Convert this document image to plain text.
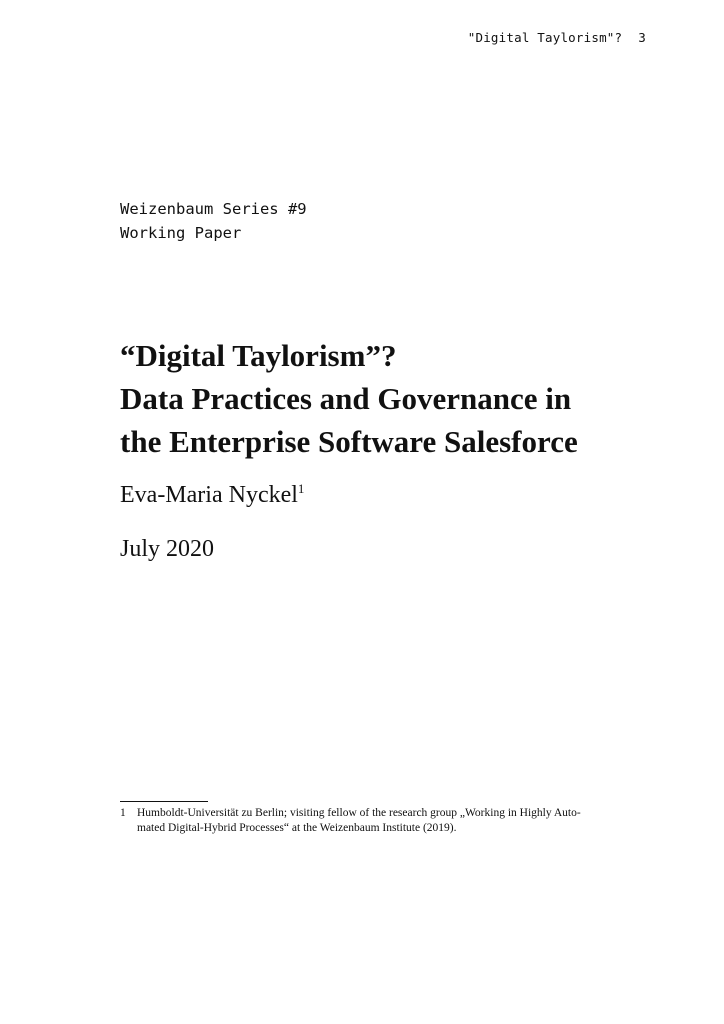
"Digital Taylorism"? 3
Weizenbaum Series #9
Working Paper
“Digital Taylorism”?
Data Practices and Governance in
the Enterprise Software Salesforce
Eva-Maria Nyckel$^1$
July 2020
1 Humboldt-Universität zu Berlin; visiting fellow of the research group „Working in Highly Auto-
mated Digital-Hybrid Processes“ at the Weizenbaum Institute (2019).
